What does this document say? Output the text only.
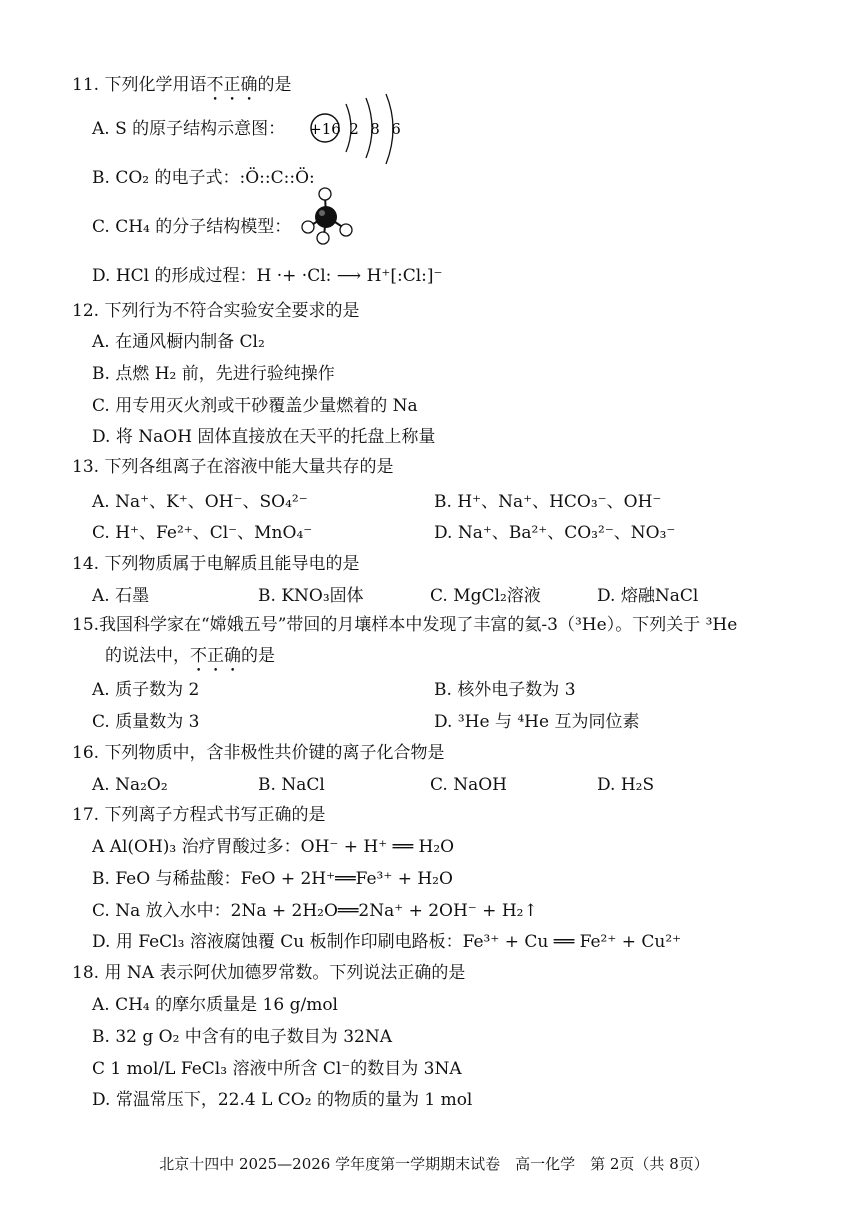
11. 下列化学用语不正确的是
A. S 的原子结构示意图： +16 2 8 6
B. CO₂ 的电子式：:Ö::C::Ö:
C. CH₄ 的分子结构模型：
D. HCl 的形成过程：H ·+ ·Cl: ⟶ H⁺[:Cl:]⁻
12. 下列行为不符合实验安全要求的是
A. 在通风橱内制备 Cl₂
B. 点燃 H₂ 前，先进行验纯操作
C. 用专用灭火剂或干砂覆盖少量燃着的 Na
D. 将 NaOH 固体直接放在天平的托盘上称量
13. 下列各组离子在溶液中能大量共存的是
A. Na⁺、K⁺、OH⁻、SO₄²⁻	B. H⁺、Na⁺、HCO₃⁻、OH⁻
C. H⁺、Fe²⁺、Cl⁻、MnO₄⁻	D. Na⁺、Ba²⁺、CO₃²⁻、NO₃⁻
14. 下列物质属于电解质且能导电的是
A. 石墨	B. KNO₃固体	C. MgCl₂溶液	D. 熔融NaCl
15.我国科学家在“嫦娥五号”带回的月壤样本中发现了丰富的氦-3（³He）。下列关于 ³He
的说法中，不正确的是
A. 质子数为 2	B. 核外电子数为 3
C. 质量数为 3	D. ³He 与 ⁴He 互为同位素
16. 下列物质中，含非极性共价键的离子化合物是
A. Na₂O₂	B. NaCl	C. NaOH	D. H₂S
17. 下列离子方程式书写正确的是
A Al(OH)₃ 治疗胃酸过多：OH⁻ + H⁺ ══ H₂O
B. FeO 与稀盐酸：FeO + 2H⁺══Fe³⁺ + H₂O
C. Na 放入水中：2Na + 2H₂O══2Na⁺ + 2OH⁻ + H₂↑
D. 用 FeCl₃ 溶液腐蚀覆 Cu 板制作印刷电路板：Fe³⁺ + Cu ══ Fe²⁺ + Cu²⁺
18. 用 NA 表示阿伏加德罗常数。下列说法正确的是
A. CH₄ 的摩尔质量是 16 g/mol
B. 32 g O₂ 中含有的电子数目为 32NA
C 1 mol/L FeCl₃ 溶液中所含 Cl⁻的数目为 3NA
D. 常温常压下，22.4 L CO₂ 的物质的量为 1 mol
北京十四中 2025—2026 学年度第一学期期末试卷　高一化学　第 2页（共 8页）
